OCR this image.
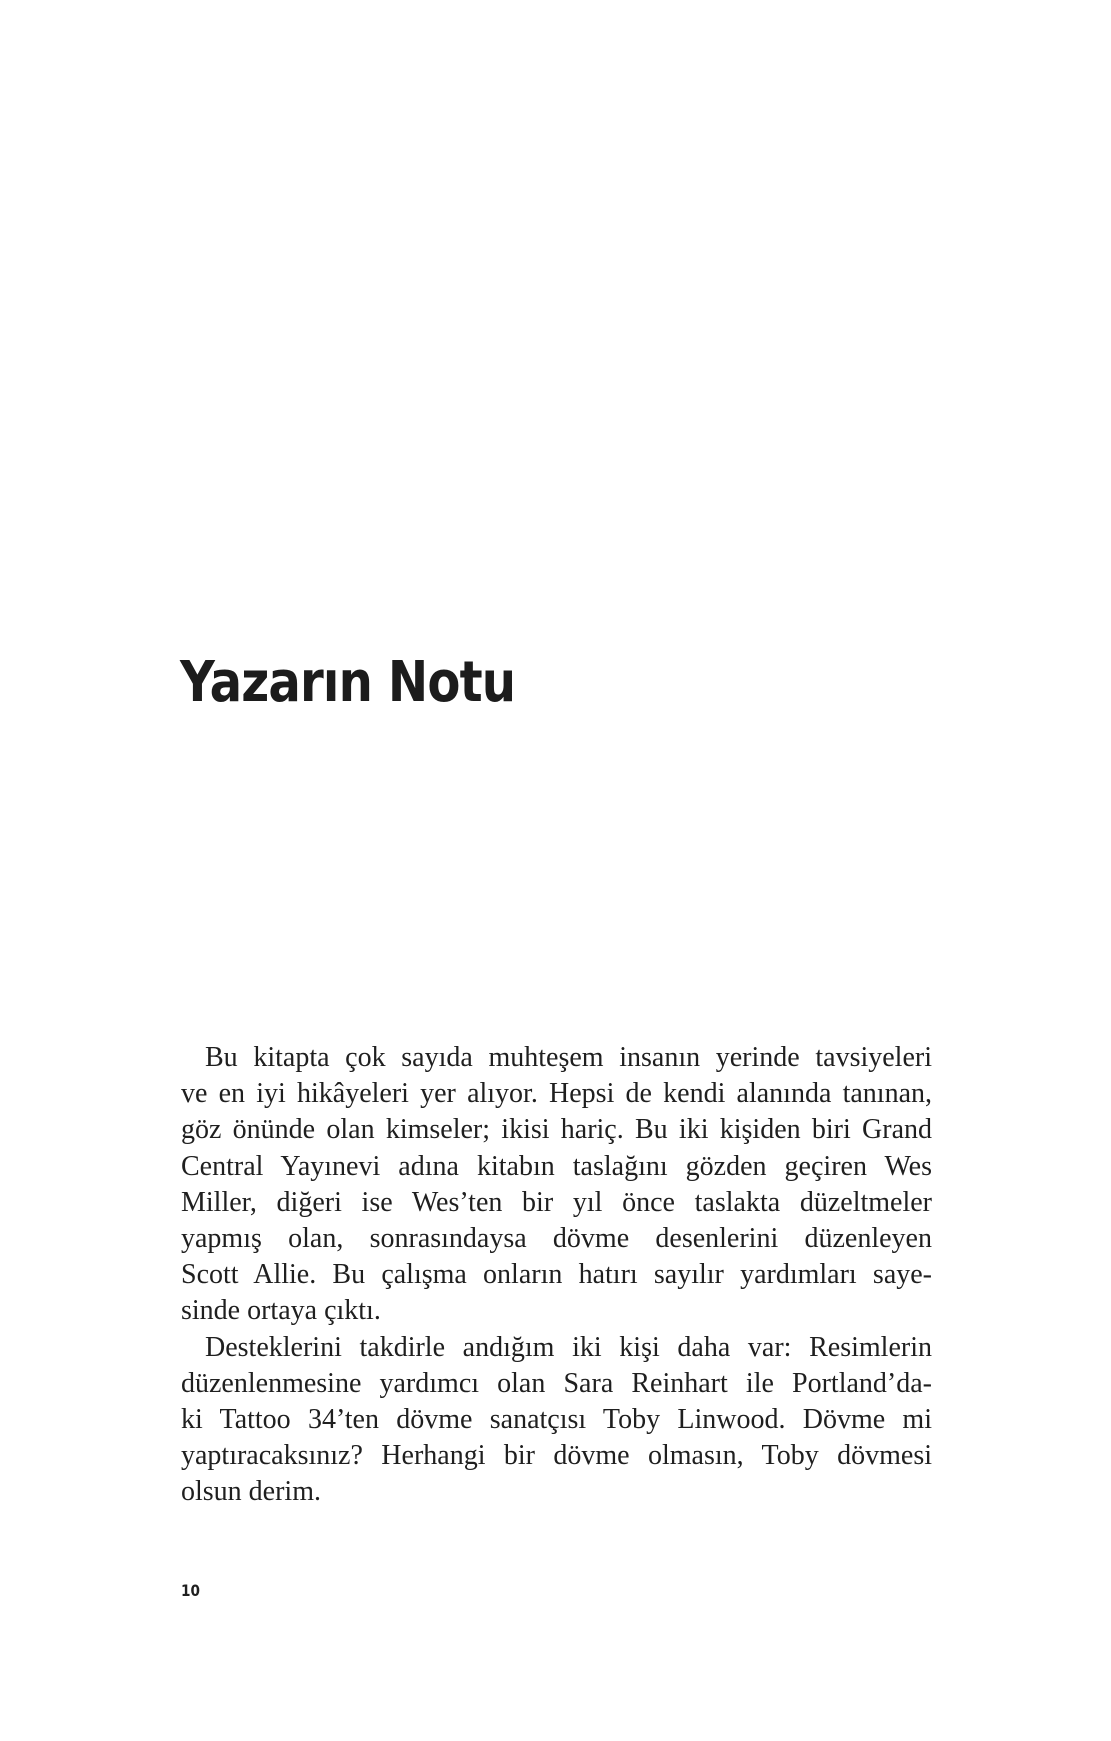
Yazarın Notu

Bu kitapta çok sayıda muhteşem insanın yerinde tavsiyeleri
ve en iyi hikâyeleri yer alıyor. Hepsi de kendi alanında tanınan,
göz önünde olan kimseler; ikisi hariç. Bu iki kişiden biri Grand
Central Yayınevi adına kitabın taslağını gözden geçiren Wes
Miller, diğeri ise Wes’ten bir yıl önce taslakta düzeltmeler
yapmış olan, sonrasındaysa dövme desenlerini düzenleyen
Scott Allie. Bu çalışma onların hatırı sayılır yardımları saye-
sinde ortaya çıktı.

Desteklerini takdirle andığım iki kişi daha var: Resimlerin
düzenlenmesine yardımcı olan Sara Reinhart ile Portland’da-
ki Tattoo 34’ten dövme sanatçısı Toby Linwood. Dövme mi
yaptıracaksınız? Herhangi bir dövme olmasın, Toby dövmesi
olsun derim.

10
